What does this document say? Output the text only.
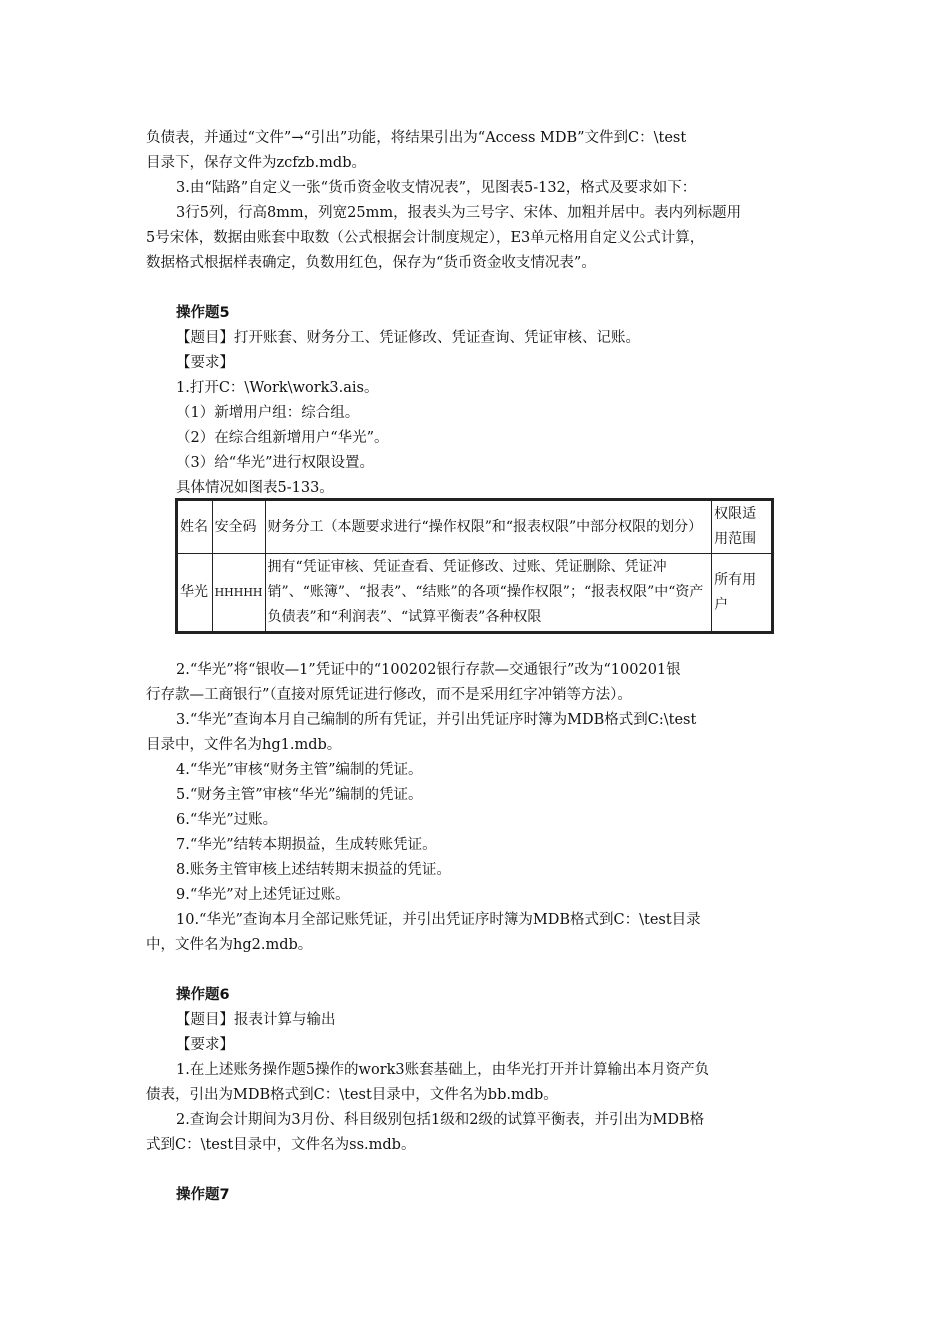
负债表，并通过“文件”→“引出”功能，将结果引出为“Access MDB”文件到C：\test
目录下，保存文件为zcfzb.mdb。
3.由“陆路”自定义一张“货币资金收支情况表”，见图表5-132，格式及要求如下：
3行5列，行高8mm，列宽25mm，报表头为三号字、宋体、加粗并居中。表内列标题用
5号宋体，数据由账套中取数（公式根据会计制度规定），E3单元格用自定义公式计算，
数据格式根据样表确定，负数用红色，保存为“货币资金收支情况表”。
操作题5
【题目】打开账套、财务分工、凭证修改、凭证查询、凭证审核、记账。
【要求】
1.打开C：\Work\work3.ais。
（1）新增用户组：综合组。
（2）在综合组新增用户“华光”。
（3）给“华光”进行权限设置。
具体情况如图表5-133。
姓名	安全码	财务分工（本题要求进行“操作权限”和“报表权限”中部分权限的划分）	权限适用范围
华光	HHHHH	拥有“凭证审核、凭证查看、凭证修改、过账、凭证删除、凭证冲销”、“账簿”、“报表”、“结账”的各项“操作权限”；“报表权限”中“资产负债表”和“利润表”、“试算平衡表”各种权限	所有用户
2.“华光”将“银收—1”凭证中的“100202银行存款—交通银行”改为“100201银
行存款—工商银行”（直接对原凭证进行修改，而不是采用红字冲销等方法）。
3.“华光”查询本月自己编制的所有凭证，并引出凭证序时簿为MDB格式到C:\test
目录中，文件名为hg1.mdb。
4.“华光”审核“财务主管”编制的凭证。
5.“财务主管”审核“华光”编制的凭证。
6.“华光”过账。
7.“华光”结转本期损益，生成转账凭证。
8.账务主管审核上述结转期末损益的凭证。
9.“华光”对上述凭证过账。
10.“华光”查询本月全部记账凭证，并引出凭证序时簿为MDB格式到C：\test目录
中，文件名为hg2.mdb。
操作题6
【题目】报表计算与输出
【要求】
1.在上述账务操作题5操作的work3账套基础上，由华光打开并计算输出本月资产负
债表，引出为MDB格式到C：\test目录中，文件名为bb.mdb。
2.查询会计期间为3月份、科目级别包括1级和2级的试算平衡表，并引出为MDB格
式到C：\test目录中，文件名为ss.mdb。
操作题7
